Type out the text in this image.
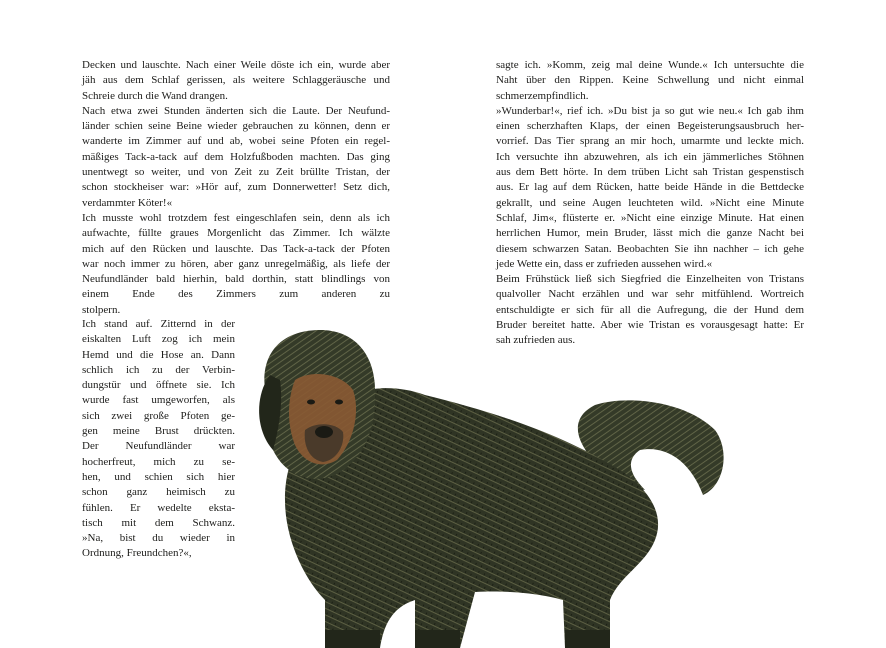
Decken und lauschte. Nach einer Weile döste ich ein, wurde aber
jäh aus dem Schlaf gerissen, als weitere Schlaggeräusche und
Schreie durch die Wand drangen.

Nach etwa zwei Stunden änderten sich die Laute. Der Neufund-
länder schien seine Beine wieder gebrauchen zu können, denn er
wanderte im Zimmer auf und ab, wobei seine Pfoten ein regel-
mäßiges Tack-a-tack auf dem Holzfußboden machten. Das ging
unentwegt so weiter, und von Zeit zu Zeit brüllte Tristan, der
schon stockheiser war: »Hör auf, zum Donnerwetter! Setz dich,
verdammter Köter!«

Ich musste wohl trotzdem fest eingeschlafen sein, denn als ich
aufwachte, füllte graues Morgenlicht das Zimmer. Ich wälzte
mich auf den Rücken und lauschte. Das Tack-a-tack der Pfoten
war noch immer zu hören, aber ganz unregelmäßig, als liefe der
Neufundländer bald hierhin, bald dorthin, statt blindlings von
einem Ende des Zimmers zum anderen zu
stolpern.

Ich stand auf. Zitternd in der
eiskalten Luft zog ich mein
Hemd und die Hose an. Dann
schlich ich zu der Verbin-
dungstür und öffnete sie. Ich
wurde fast umgeworfen, als
sich zwei große Pfoten ge-
gen meine Brust drückten.
Der Neufundländer war
hocherfreut, mich zu se-
hen, und schien sich hier
schon ganz heimisch zu
fühlen. Er wedelte ekstа-
tisch mit dem Schwanz.
»Na, bist du wieder in
Ordnung, Freundchen?«,

sagte ich. »Komm, zeig mal deine Wunde.« Ich untersuchte die
Naht über den Rippen. Keine Schwellung und nicht einmal
schmerzempfindlich.

»Wunderbar!«, rief ich. »Du bist ja so gut wie neu.« Ich gab ihm
einen scherzhaften Klaps, der einen Begeisterungsausbruch her-
vorrief. Das Tier sprang an mir hoch, umarmte und leckte mich.
Ich versuchte ihn abzuwehren, als ich ein jämmerliches Stöhnen
aus dem Bett hörte. In dem trüben Licht sah Tristan gespenstisch
aus. Er lag auf dem Rücken, hatte beide Hände in die Bettdecke
gekrallt, und seine Augen leuchteten wild. »Nicht eine Minute
Schlaf, Jim«, flüsterte er. »Nicht eine einzige Minute. Hat einen
herrlichen Humor, mein Bruder, lässt mich die ganze Nacht bei
diesem schwarzen Satan. Beobachten Sie ihn nachher – ich gehe
jede Wette ein, dass er zufrieden aussehen wird.«

Beim Frühstück ließ sich Siegfried die Einzelheiten von Tristans
qualvoller Nacht erzählen und war sehr mitfühlend. Wortreich
entschuldigte er sich für all die Aufregung, die der Hund dem
Bruder bereitet hatte. Aber wie Tristan es vorausgesagt hatte: Er
sah zufrieden aus.
